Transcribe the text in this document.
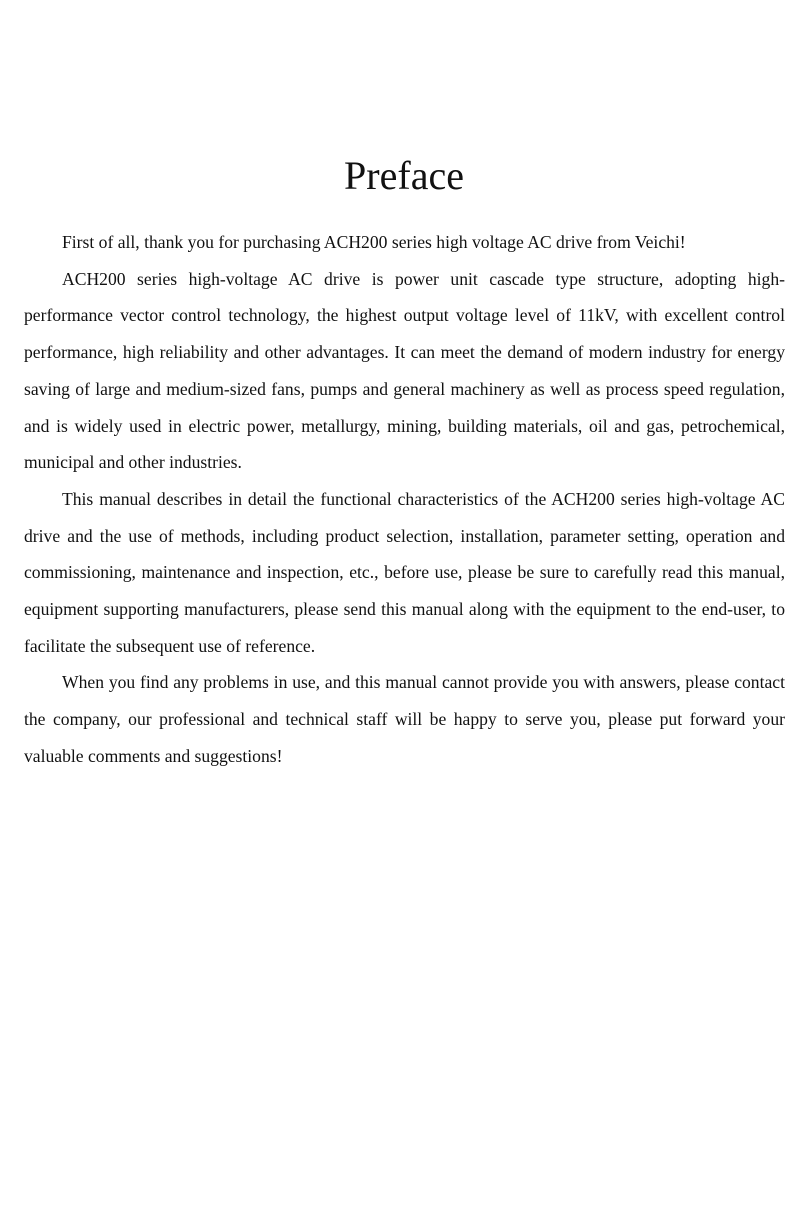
Preface

First of all, thank you for purchasing ACH200 series high voltage AC drive from Veichi!

ACH200 series high-voltage AC drive is power unit cascade type structure, adopting high-performance vector control technology, the highest output voltage level of 11kV, with excellent control performance, high reliability and other advantages. It can meet the demand of modern industry for energy saving of large and medium-sized fans, pumps and general machinery as well as process speed regulation, and is widely used in electric power, metallurgy, mining, building materials, oil and gas, petrochemical, municipal and other industries.

This manual describes in detail the functional characteristics of the ACH200 series high-voltage AC drive and the use of methods, including product selection, installation, parameter setting, operation and commissioning, maintenance and inspection, etc., before use, please be sure to carefully read this manual, equipment supporting manufacturers, please send this manual along with the equipment to the end-user, to facilitate the subsequent use of reference.

When you find any problems in use, and this manual cannot provide you with answers, please contact the company, our professional and technical staff will be happy to serve you, please put forward your valuable comments and suggestions!
